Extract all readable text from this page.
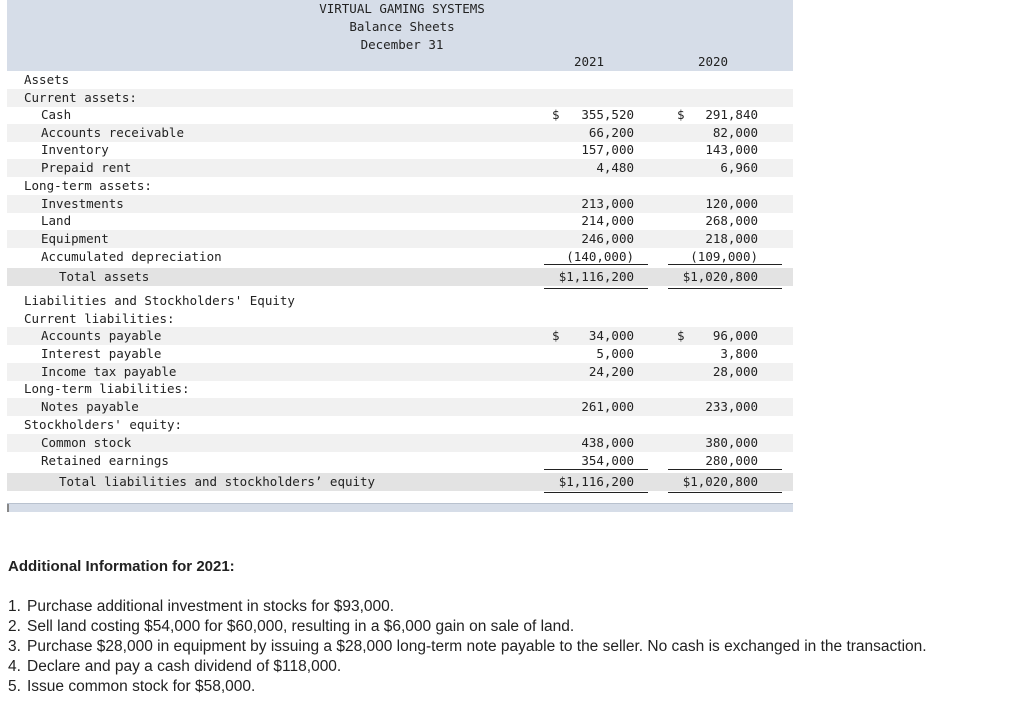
VIRTUAL GAMING SYSTEMS
Balance Sheets
December 31
2021	2020
Assets
Current assets:
Cash	$	355,520	$	291,840
Accounts receivable	66,200	82,000
Inventory	157,000	143,000
Prepaid rent	4,480	6,960
Long-term assets:
Investments	213,000	120,000
Land	214,000	268,000
Equipment	246,000	218,000
Accumulated depreciation	(140,000)	(109,000)
Total assets	$1,116,200	$1,020,800
Liabilities and Stockholders' Equity
Current liabilities:
Accounts payable	$	34,000	$	96,000
Interest payable	5,000	3,800
Income tax payable	24,200	28,000
Long-term liabilities:
Notes payable	261,000	233,000
Stockholders' equity:
Common stock	438,000	380,000
Retained earnings	354,000	280,000
Total liabilities and stockholders’ equity	$1,116,200	$1,020,800
Additional Information for 2021:
1. Purchase additional investment in stocks for $93,000.
2. Sell land costing $54,000 for $60,000, resulting in a $6,000 gain on sale of land.
3. Purchase $28,000 in equipment by issuing a $28,000 long-term note payable to the seller. No cash is exchanged in the transaction.
4. Declare and pay a cash dividend of $118,000.
5. Issue common stock for $58,000.
